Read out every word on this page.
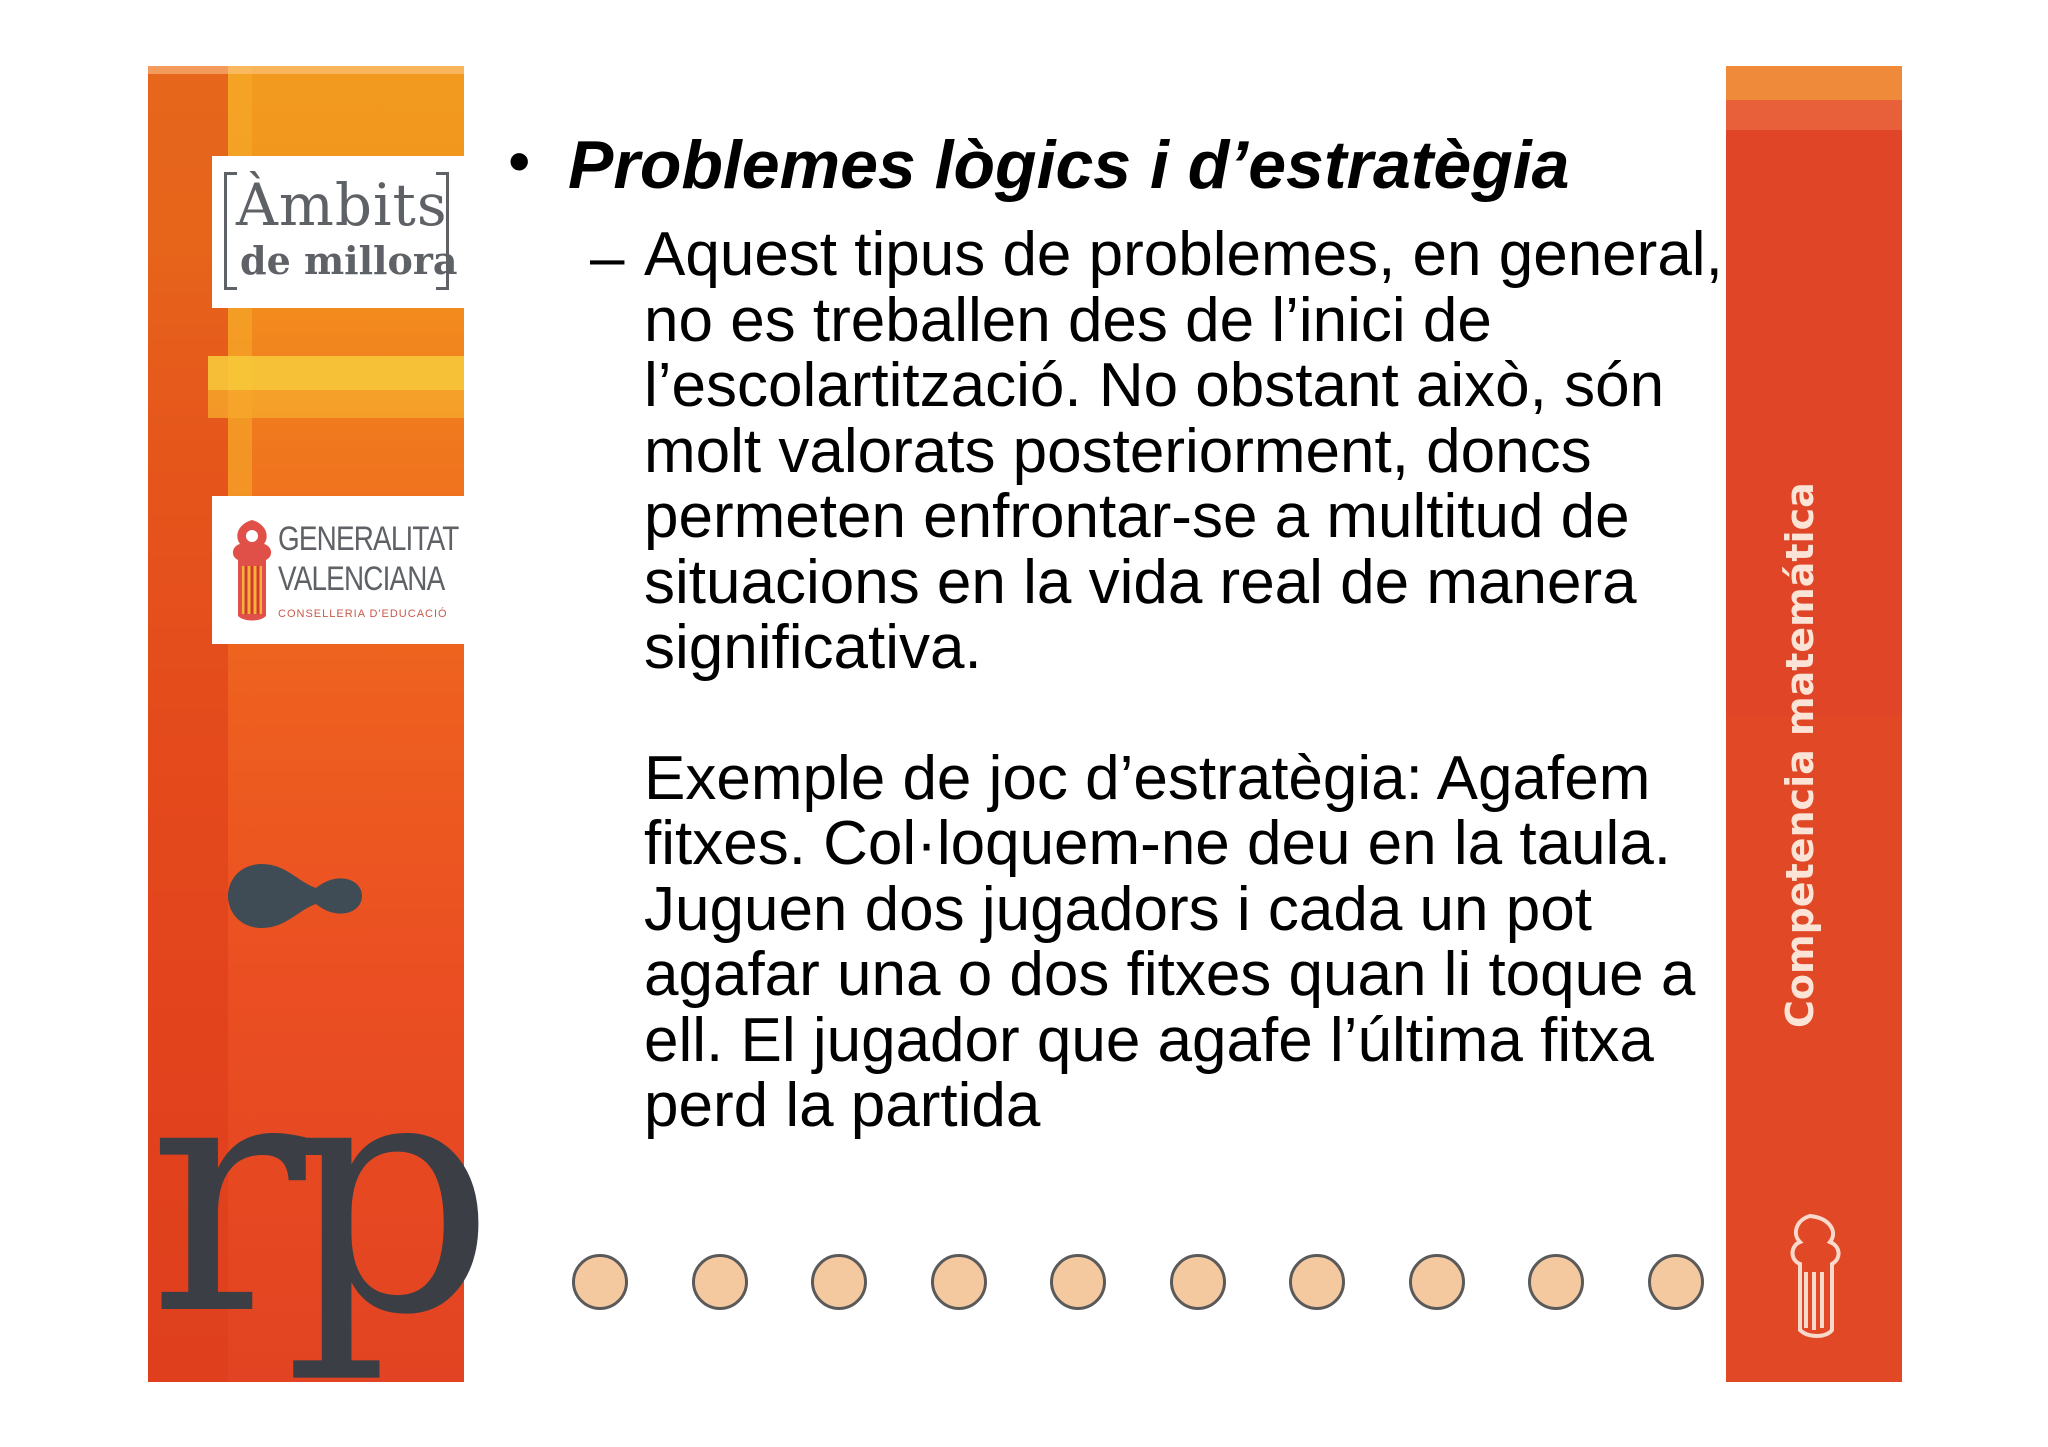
Àmbits
de millora
GENERALITAT
VALENCIANA
CONSELLERIA D'EDUCACIÓ
rp
Competencia matemática
• Problemes lògics i d’estratègia
– Aquest tipus de problemes, en general, no es treballen des de l’inici de l’escolartització. No obstant això, són molt valorats posteriorment, doncs permeten enfrontar-se a multitud de situacions en la vida real de manera significativa.

Exemple de joc d’estratègia: Agafem fitxes. Col·loquem-ne deu en la taula. Juguen dos jugadors i cada un pot agafar una o dos fitxes quan li toque a ell. El jugador que agafe l’última fitxa perd la partida
